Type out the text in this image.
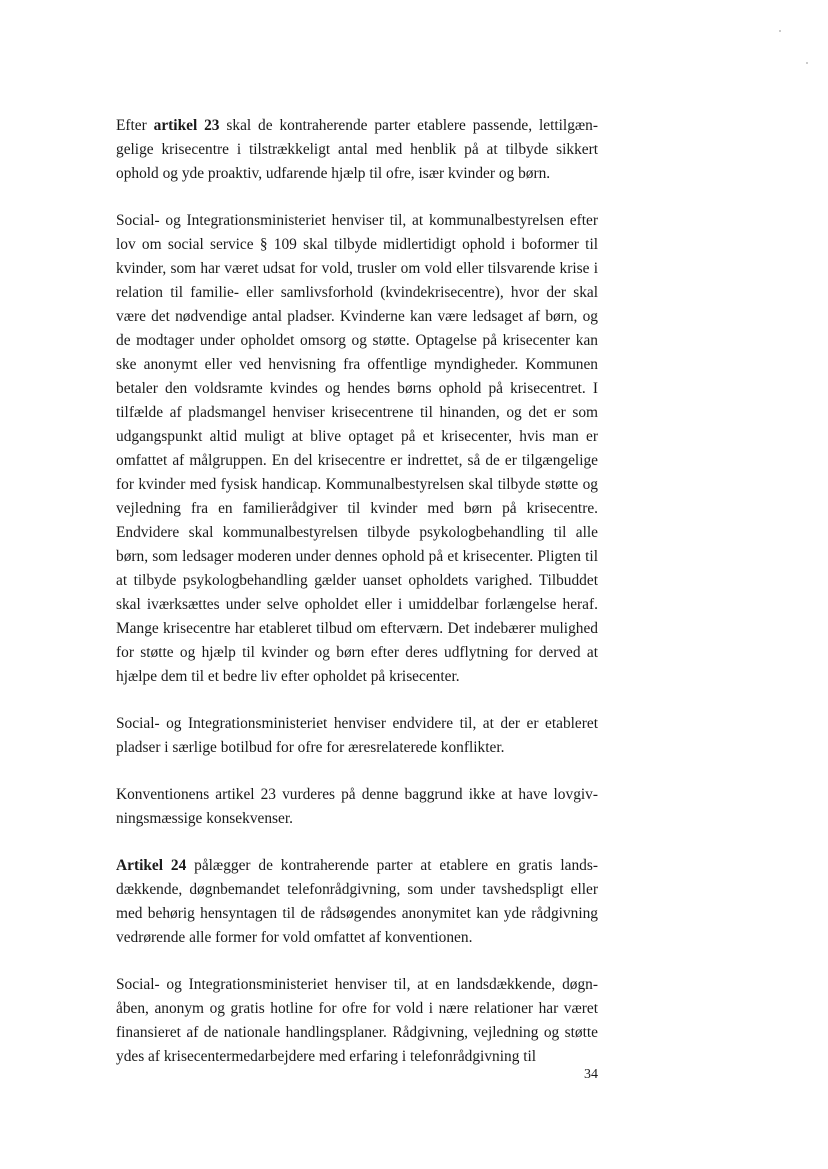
Efter artikel 23 skal de kontraherende parter etablere passende, lettilgængelige krisecentre i tilstrækkeligt antal med henblik på at tilbyde sikkert ophold og yde proaktiv, udfarende hjælp til ofre, især kvinder og børn.

Social- og Integrationsministeriet henviser til, at kommunalbestyrelsen efter lov om social service § 109 skal tilbyde midlertidigt ophold i boformer til kvinder, som har været udsat for vold, trusler om vold eller tilsvarende krise i relation til familie- eller samlivsforhold (kvindekrisecentre), hvor der skal være det nødvendige antal pladser. Kvinderne kan være ledsaget af børn, og de modtager under opholdet omsorg og støtte. Optagelse på krisecenter kan ske anonymt eller ved henvisning fra offentlige myndigheder. Kommunen betaler den voldsramte kvindes og hendes børns ophold på krisecentret. I tilfælde af pladsmangel henviser krisecentrene til hinanden, og det er som udgangspunkt altid muligt at blive optaget på et krisecenter, hvis man er omfattet af målgruppen. En del krisecentre er indrettet, så de er tilgængelige for kvinder med fysisk handicap. Kommunalbestyrelsen skal tilbyde støtte og vejledning fra en familierådgiver til kvinder med børn på krisecentre. Endvidere skal kommunalbestyrelsen tilbyde psykologbehandling til alle børn, som ledsager moderen under dennes ophold på et krisecenter. Pligten til at tilbyde psykologbehandling gælder uanset opholdets varighed. Tilbuddet skal iværksættes under selve opholdet eller i umiddelbar forlængelse heraf. Mange krisecentre har etableret tilbud om efterværn. Det indebærer mulighed for støtte og hjælp til kvinder og børn efter deres udflytning for derved at hjælpe dem til et bedre liv efter opholdet på krisecenter.

Social- og Integrationsministeriet henviser endvidere til, at der er etableret pladser i særlige botilbud for ofre for æresrelaterede konflikter.

Konventionens artikel 23 vurderes på denne baggrund ikke at have lovgivningsmæssige konsekvenser.

Artikel 24 pålægger de kontraherende parter at etablere en gratis landsdækkende, døgnbemandet telefonrådgivning, som under tavshedspligt eller med behørig hensyntagen til de rådsøgendes anonymitet kan yde rådgivning vedrørende alle former for vold omfattet af konventionen.

Social- og Integrationsministeriet henviser til, at en landsdækkende, døgnåben, anonym og gratis hotline for ofre for vold i nære relationer har været finansieret af de nationale handlingsplaner. Rådgivning, vejledning og støtte ydes af krisecentermedarbejdere med erfaring i telefonrådgivning til

34
